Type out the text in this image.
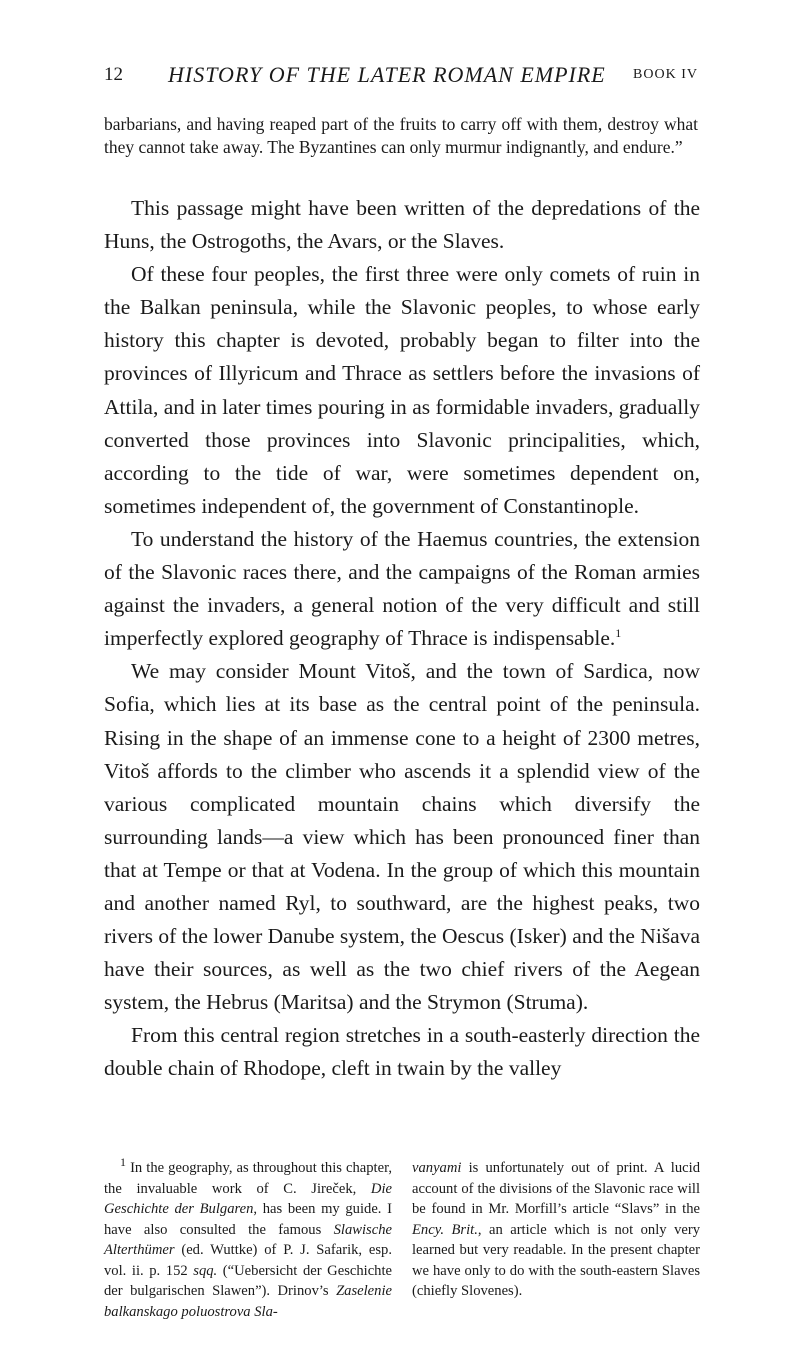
12 HISTORY OF THE LATER ROMAN EMPIRE BOOK IV
barbarians, and having reaped part of the fruits to carry off with them, destroy what they cannot take away. The Byzantines can only murmur indignantly, and endure.”

This passage might have been written of the depredations of the Huns, the Ostrogoths, the Avars, or the Slaves.

Of these four peoples, the first three were only comets of ruin in the Balkan peninsula, while the Slavonic peoples, to whose early history this chapter is devoted, probably began to filter into the provinces of Illyricum and Thrace as settlers before the invasions of Attila, and in later times pouring in as formidable invaders, gradually converted those provinces into Slavonic principalities, which, according to the tide of war, were sometimes dependent on, sometimes independent of, the government of Constantinople.

To understand the history of the Haemus countries, the extension of the Slavonic races there, and the campaigns of the Roman armies against the invaders, a general notion of the very difficult and still imperfectly explored geography of Thrace is indispensable.$^1$

We may consider Mount Vitoš, and the town of Sardica, now Sofia, which lies at its base as the central point of the peninsula. Rising in the shape of an immense cone to a height of 2300 metres, Vitoš affords to the climber who ascends it a splendid view of the various complicated mountain chains which diversify the surrounding lands—a view which has been pronounced finer than that at Tempe or that at Vodena. In the group of which this mountain and another named Ryl, to southward, are the highest peaks, two rivers of the lower Danube system, the Oescus (Isker) and the Nišava have their sources, as well as the two chief rivers of the Aegean system, the Hebrus (Maritsa) and the Strymon (Struma).

From this central region stretches in a south-easterly direction the double chain of Rhodope, cleft in twain by the valley

$^1$ In the geography, as throughout this chapter, the invaluable work of C. Jireček, Die Geschichte der Bulgaren, has been my guide. I have also consulted the famous Slawische Alterthümer (ed. Wuttke) of P. J. Safarik, esp. vol. ii. p. 152 sqq. (“Uebersicht der Geschichte der bulgarischen Slawen”). Drinov’s Zaselenie balkanskago poluostrova Sla-

vanyami is unfortunately out of print. A lucid account of the divisions of the Slavonic race will be found in Mr. Morfill’s article “Slavs” in the Ency. Brit., an article which is not only very learned but very readable. In the present chapter we have only to do with the south-eastern Slaves (chiefly Slovenes).
